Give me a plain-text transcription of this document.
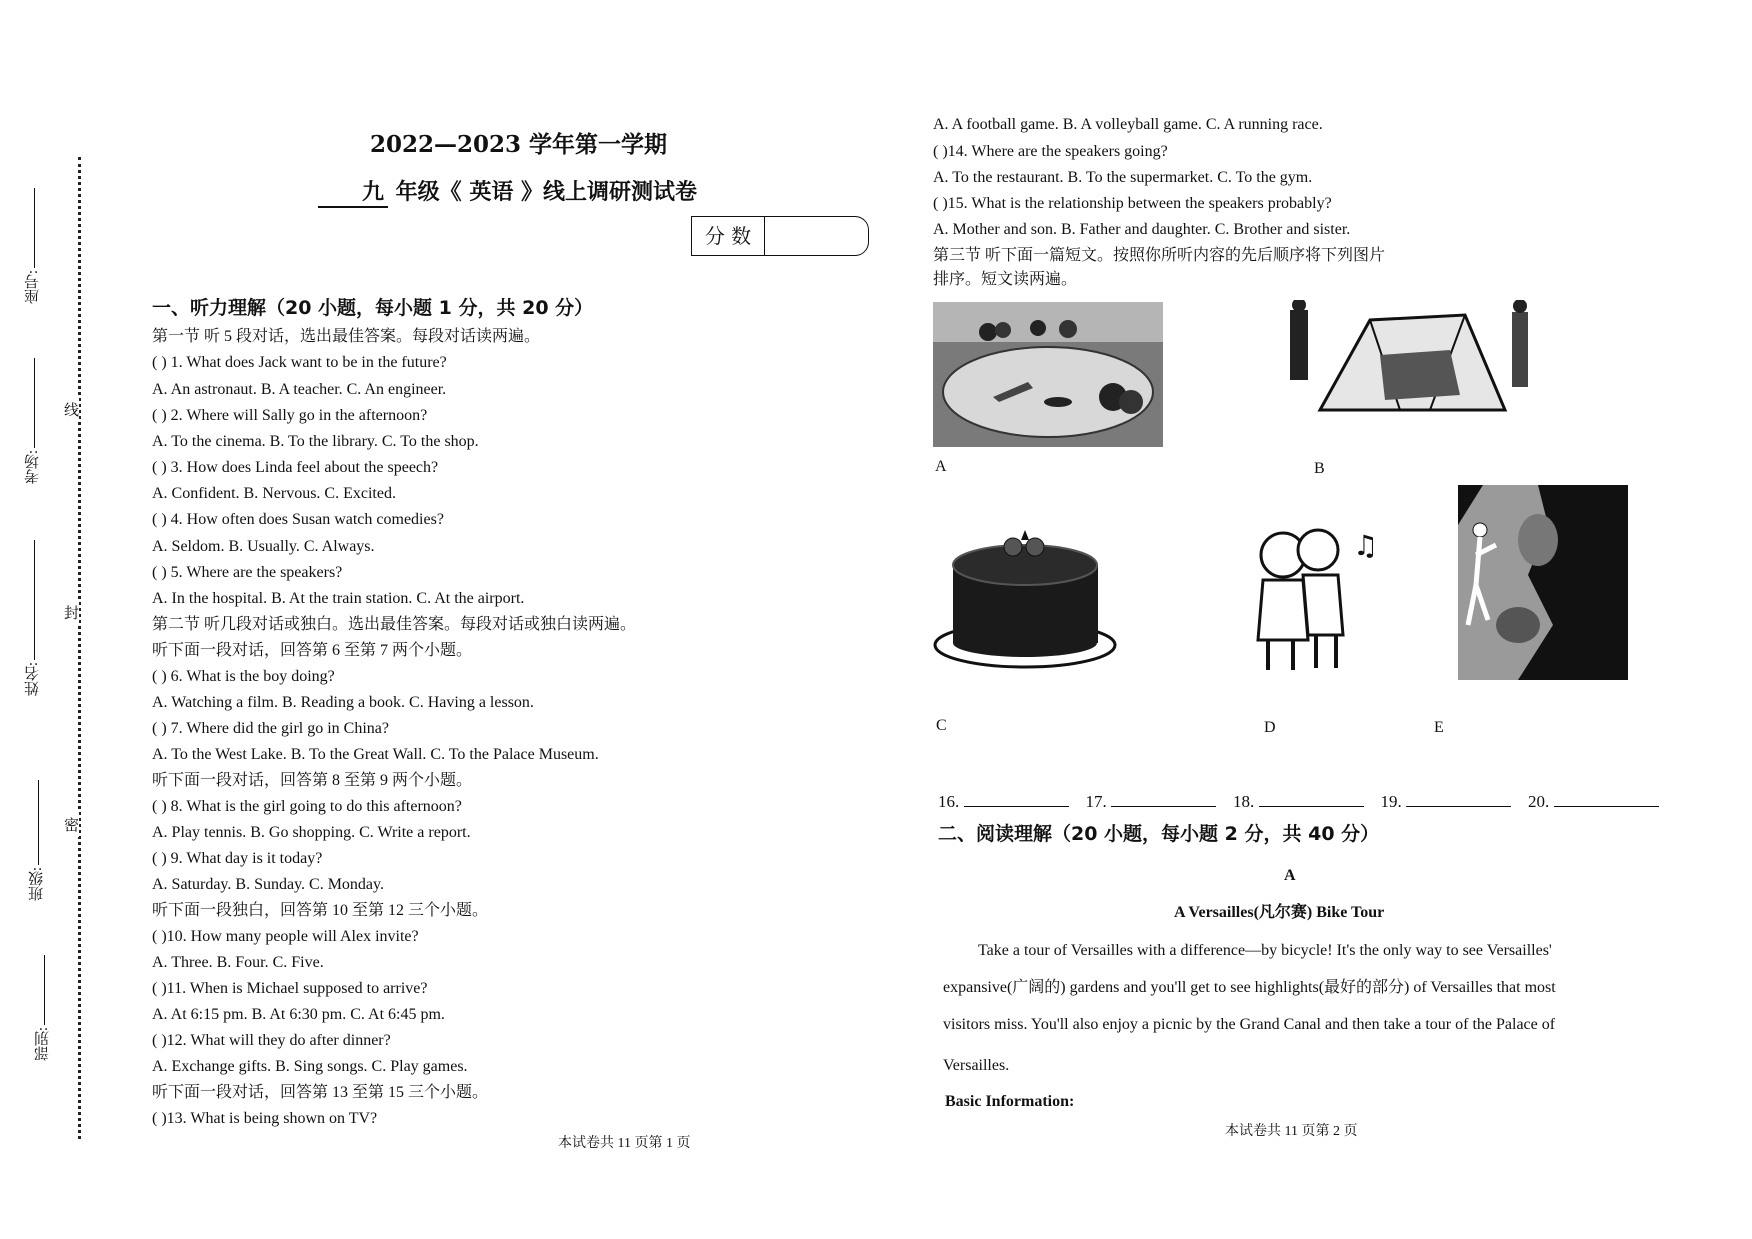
座号:
考场:
姓名:
班级:
部别:
线
封
密
2022—2023 学年第一学期
九 年级《 英语 》线上调研测试卷
分 数
一、听力理解（20 小题，每小题 1 分，共 20 分）
第一节 听 5 段对话，选出最佳答案。每段对话读两遍。
( ) 1. What does Jack want to be in the future?
A. An astronaut. B. A teacher. C. An engineer.
( ) 2. Where will Sally go in the afternoon?
A. To the cinema. B. To the library. C. To the shop.
( ) 3. How does Linda feel about the speech?
A. Confident. B. Nervous. C. Excited.
( ) 4. How often does Susan watch comedies?
A. Seldom. B. Usually. C. Always.
( ) 5. Where are the speakers?
A. In the hospital. B. At the train station. C. At the airport.
第二节 听几段对话或独白。选出最佳答案。每段对话或独白读两遍。
听下面一段对话，回答第 6 至第 7 两个小题。
( ) 6. What is the boy doing?
A. Watching a film. B. Reading a book. C. Having a lesson.
( ) 7. Where did the girl go in China?
A. To the West Lake. B. To the Great Wall. C. To the Palace Museum.
听下面一段对话，回答第 8 至第 9 两个小题。
( ) 8. What is the girl going to do this afternoon?
A. Play tennis. B. Go shopping. C. Write a report.
( ) 9. What day is it today?
A. Saturday. B. Sunday. C. Monday.
听下面一段独白，回答第 10 至第 12 三个小题。
( )10. How many people will Alex invite?
A. Three. B. Four. C. Five.
( )11. When is Michael supposed to arrive?
A. At 6:15 pm. B. At 6:30 pm. C. At 6:45 pm.
( )12. What will they do after dinner?
A. Exchange gifts. B. Sing songs. C. Play games.
听下面一段对话，回答第 13 至第 15 三个小题。
( )13. What is being shown on TV?
本试卷共 11 页第 1 页
A. A football game. B. A volleyball game. C. A running race.
( )14. Where are the speakers going?
A. To the restaurant. B. To the supermarket. C. To the gym.
( )15. What is the relationship between the speakers probably?
A. Mother and son. B. Father and daughter. C. Brother and sister.
第三节 听下面一篇短文。按照你所听内容的先后顺序将下列图片
排序。短文读两遍。
A	B
C
♫
D	E
16.	17.	18.	19.	20.
二、阅读理解（20 小题，每小题 2 分，共 40 分）
A
A Versailles(凡尔赛) Bike Tour
Take a tour of Versailles with a difference—by bicycle! It's the only way to see Versailles'
expansive(广阔的) gardens and you'll get to see highlights(最好的部分) of Versailles that most
visitors miss. You'll also enjoy a picnic by the Grand Canal and then take a tour of the Palace of
Versailles.
Basic Information:
本试卷共 11 页第 2 页
